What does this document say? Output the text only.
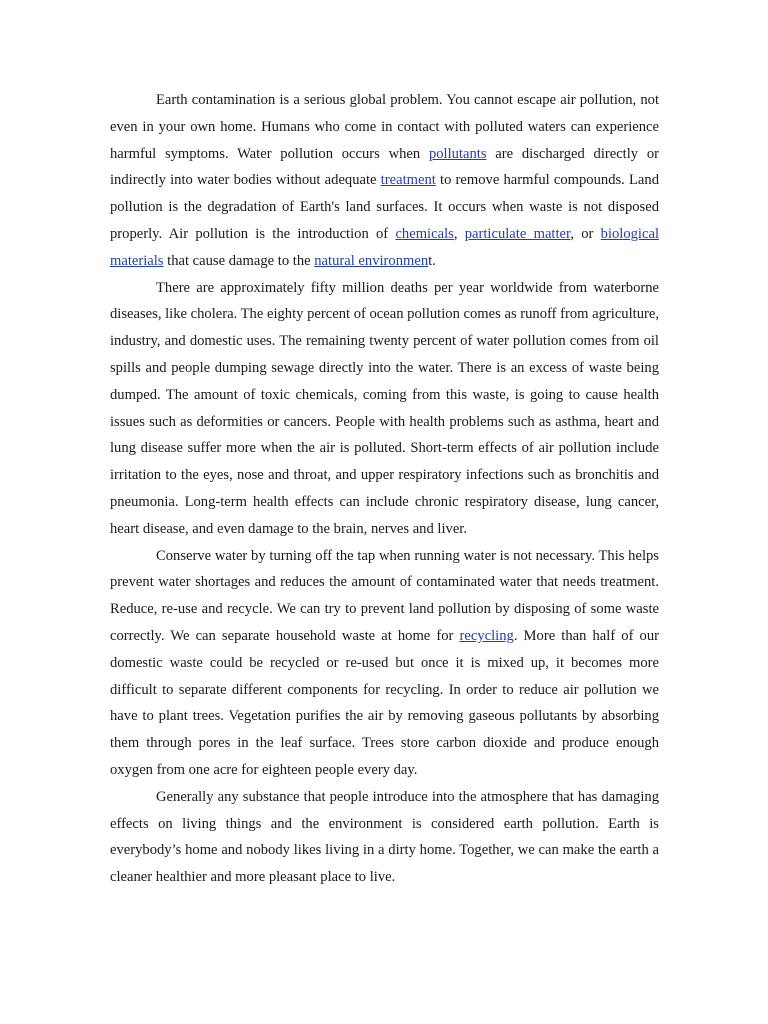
Earth contamination is a serious global problem. You cannot escape air pollution, not even in your own home. Humans who come in contact with polluted waters can experience harmful symptoms. Water pollution occurs when pollutants are discharged directly or indirectly into water bodies without adequate treatment to remove harmful compounds. Land pollution is the degradation of Earth's land surfaces. It occurs when waste is not disposed properly. Air pollution is the introduction of chemicals, particulate matter, or biological materials that cause damage to the natural environment.

There are approximately fifty million deaths per year worldwide from waterborne diseases, like cholera. The eighty percent of ocean pollution comes as runoff from agriculture, industry, and domestic uses. The remaining twenty percent of water pollution comes from oil spills and people dumping sewage directly into the water. There is an excess of waste being dumped. The amount of toxic chemicals, coming from this waste, is going to cause health issues such as deformities or cancers. People with health problems such as asthma, heart and lung disease suffer more when the air is polluted. Short-term effects of air pollution include irritation to the eyes, nose and throat, and upper respiratory infections such as bronchitis and pneumonia. Long-term health effects can include chronic respiratory disease, lung cancer, heart disease, and even damage to the brain, nerves and liver.

Conserve water by turning off the tap when running water is not necessary. This helps prevent water shortages and reduces the amount of contaminated water that needs treatment. Reduce, re-use and recycle. We can try to prevent land pollution by disposing of some waste correctly. We can separate household waste at home for recycling. More than half of our domestic waste could be recycled or re-used but once it is mixed up, it becomes more difficult to separate different components for recycling. In order to reduce air pollution we have to plant trees. Vegetation purifies the air by removing gaseous pollutants by absorbing them through pores in the leaf surface. Trees store carbon dioxide and produce enough oxygen from one acre for eighteen people every day.

Generally any substance that people introduce into the atmosphere that has damaging effects on living things and the environment is considered earth pollution. Earth is everybody’s home and nobody likes living in a dirty home. Together, we can make the earth a cleaner healthier and more pleasant place to live.
